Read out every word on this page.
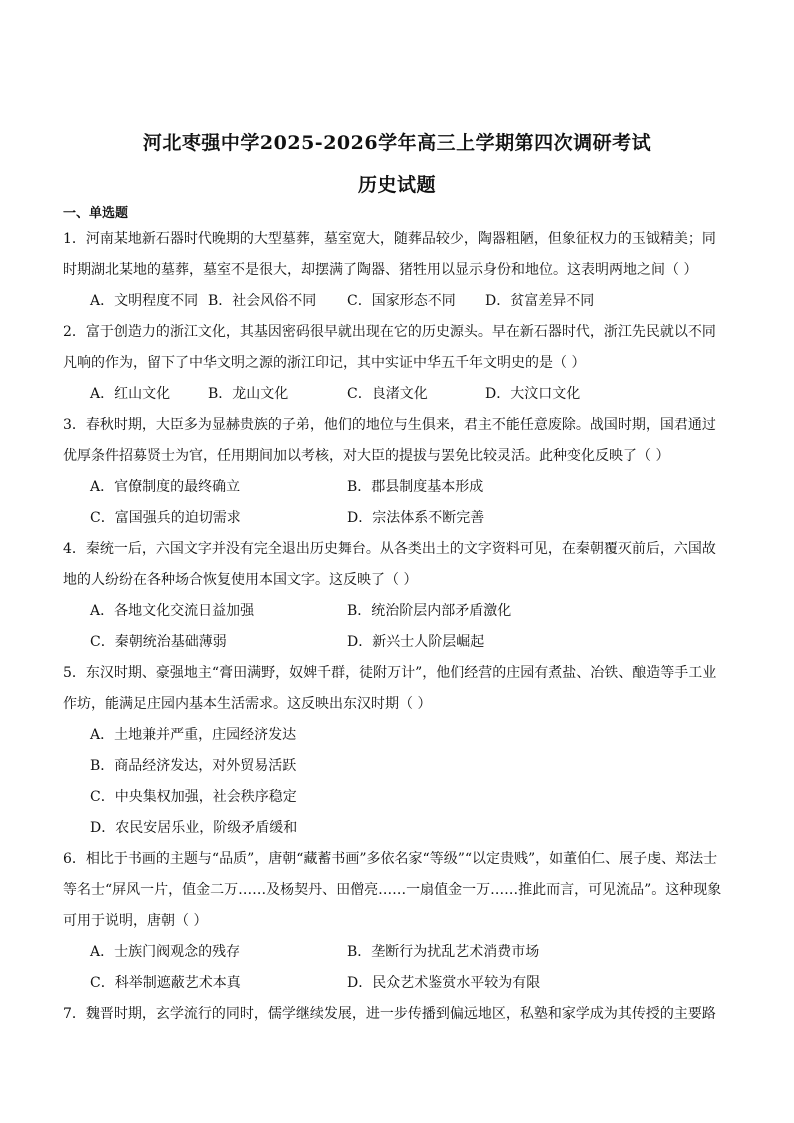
河北枣强中学2025-2026学年高三上学期第四次调研考试
历史试题
一、单选题
1．河南某地新石器时代晚期的大型墓葬，墓室宽大，随葬品较少，陶器粗陋，但象征权力的玉钺精美；同
时期湖北某地的墓葬，墓室不是很大，却摆满了陶器、猪牲用以显示身份和地位。这表明两地之间（ ）
A．文明程度不同 B．社会风俗不同 C．国家形态不同 D．贫富差异不同
2．富于创造力的浙江文化，其基因密码很早就出现在它的历史源头。早在新石器时代，浙江先民就以不同
凡响的作为，留下了中华文明之源的浙江印记，其中实证中华五千年文明史的是（ ）
A．红山文化	B．龙山文化	C．良渚文化	D．大汶口文化
3．春秋时期，大臣多为显赫贵族的子弟，他们的地位与生俱来，君主不能任意废除。战国时期，国君通过
优厚条件招募贤士为官，任用期间加以考核，对大臣的提拔与罢免比较灵活。此种变化反映了（ ）
A．官僚制度的最终确立	B．郡县制度基本形成
C．富国强兵的迫切需求	D．宗法体系不断完善
4．秦统一后，六国文字并没有完全退出历史舞台。从各类出土的文字资料可见，在秦朝覆灭前后，六国故
地的人纷纷在各种场合恢复使用本国文字。这反映了（ ）
A．各地文化交流日益加强	B．统治阶层内部矛盾激化
C．秦朝统治基础薄弱	D．新兴士人阶层崛起
5．东汉时期、豪强地主“膏田满野，奴婢千群，徒附万计”，他们经营的庄园有煮盐、冶铁、酿造等手工业
作坊，能满足庄园内基本生活需求。这反映出东汉时期（ ）
A．土地兼并严重，庄园经济发达
B．商品经济发达，对外贸易活跃
C．中央集权加强，社会秩序稳定
D．农民安居乐业，阶级矛盾缓和
6．相比于书画的主题与“品质”，唐朝“藏蓄书画”多依名家“等级”“以定贵贱”，如董伯仁、展子虔、郑法士
等名士“屏风一片，值金二万……及杨契丹、田僧亮……一扇值金一万……推此而言，可见流品”。这种现象
可用于说明，唐朝（ ）
A．士族门阀观念的残存	B．垄断行为扰乱艺术消费市场
C．科举制遮蔽艺术本真	D．民众艺术鉴赏水平较为有限
7．魏晋时期，玄学流行的同时，儒学继续发展，进一步传播到偏远地区，私塾和家学成为其传授的主要路
